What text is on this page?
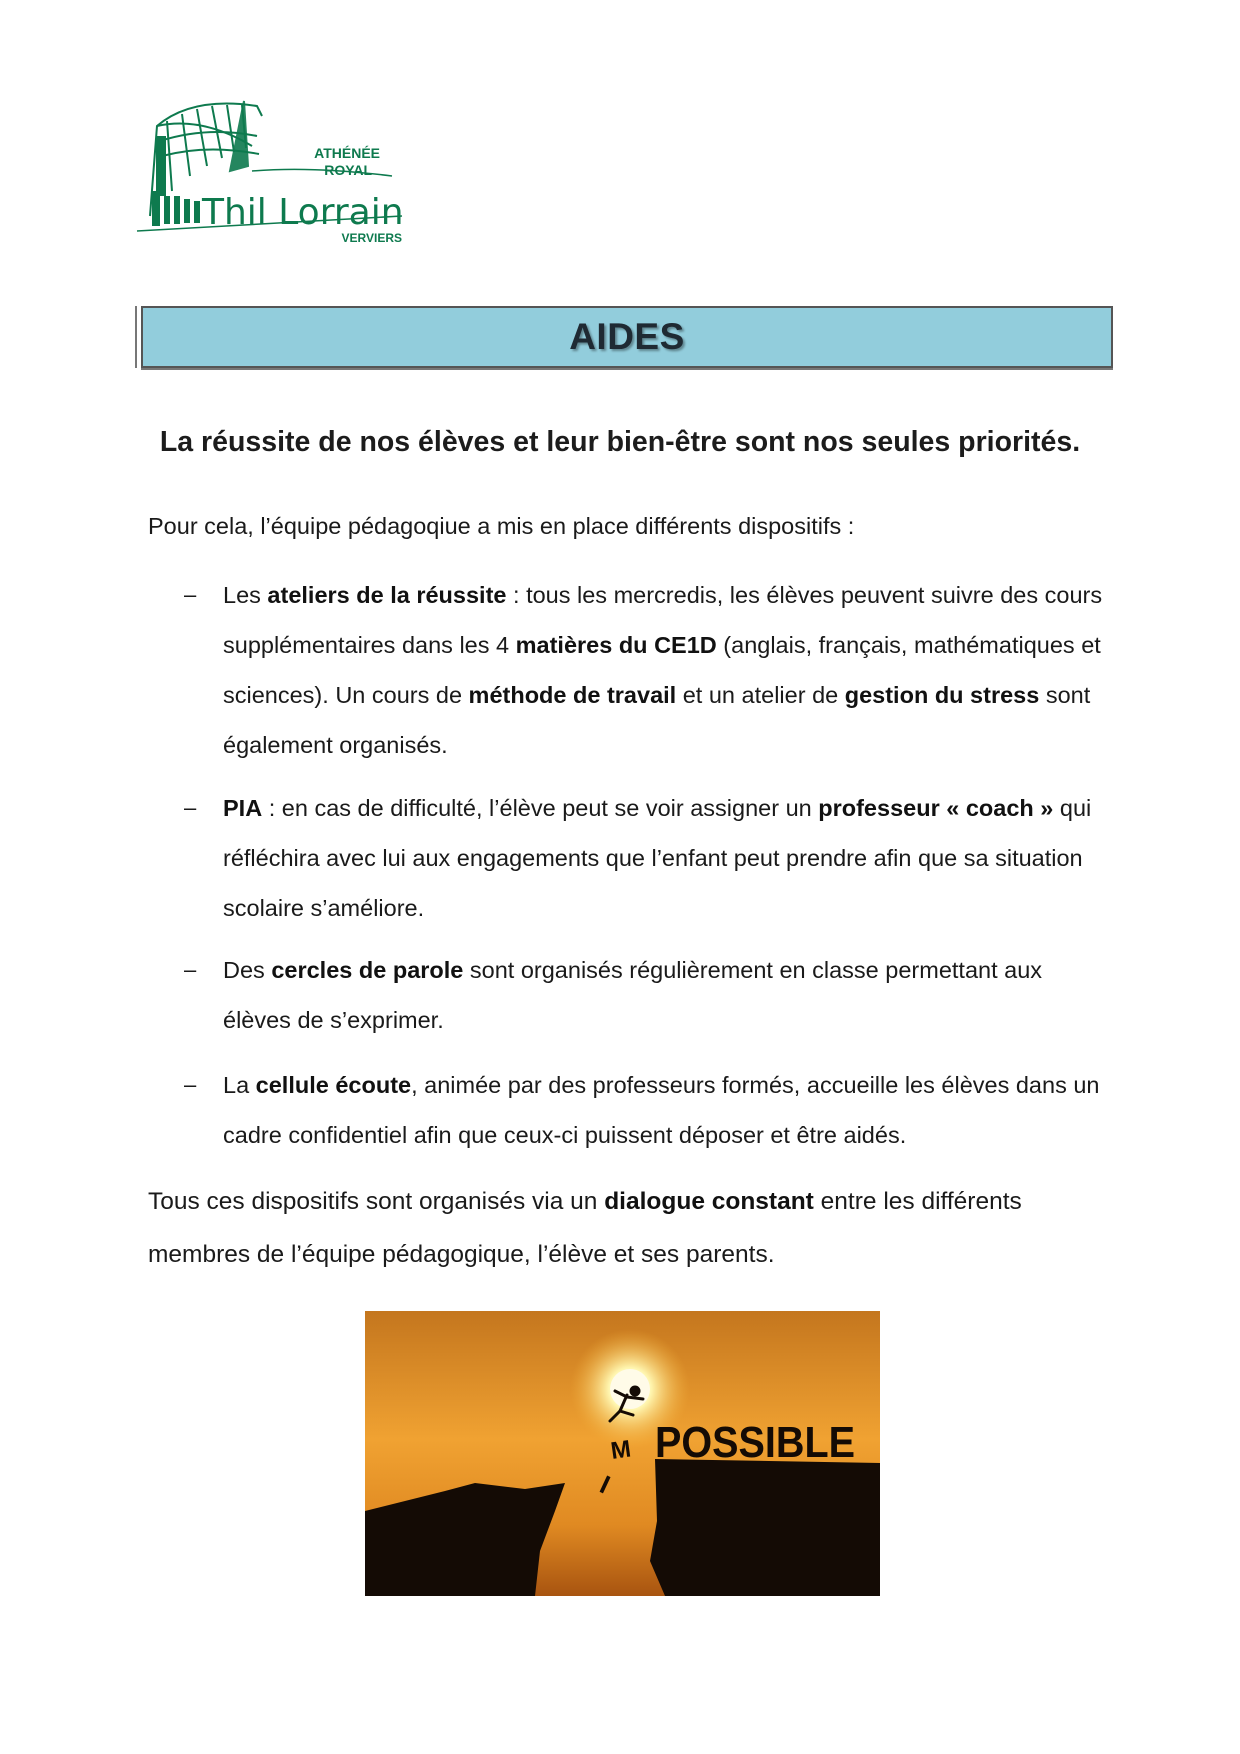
ATHÉNÉE
ROYAL
Thil Lorrain
VERVIERS
AIDES
La réussite de nos élèves et leur bien-être sont nos seules priorités.
Pour cela, l’équipe pédagoqiue a mis en place différents dispositifs :
– Les ateliers de la réussite : tous les mercredis, les élèves peuvent suivre des cours supplémentaires dans les 4 matières du CE1D (anglais, français, mathématiques et sciences). Un cours de méthode de travail et un atelier de gestion du stress sont également organisés.
– PIA : en cas de difficulté, l’élève peut se voir assigner un professeur « coach » qui réfléchira avec lui aux engagements que l’enfant peut prendre afin que sa situation scolaire s’améliore.
– Des cercles de parole sont organisés régulièrement en classe permettant aux élèves de s’exprimer.
– La cellule écoute, animée par des professeurs formés, accueille les élèves dans un cadre confidentiel afin que ceux-ci puissent déposer et être aidés.
Tous ces dispositifs sont organisés via un dialogue constant entre les différents membres de l’équipe pédagogique, l’élève et ses parents.
I
M POSSIBLE
